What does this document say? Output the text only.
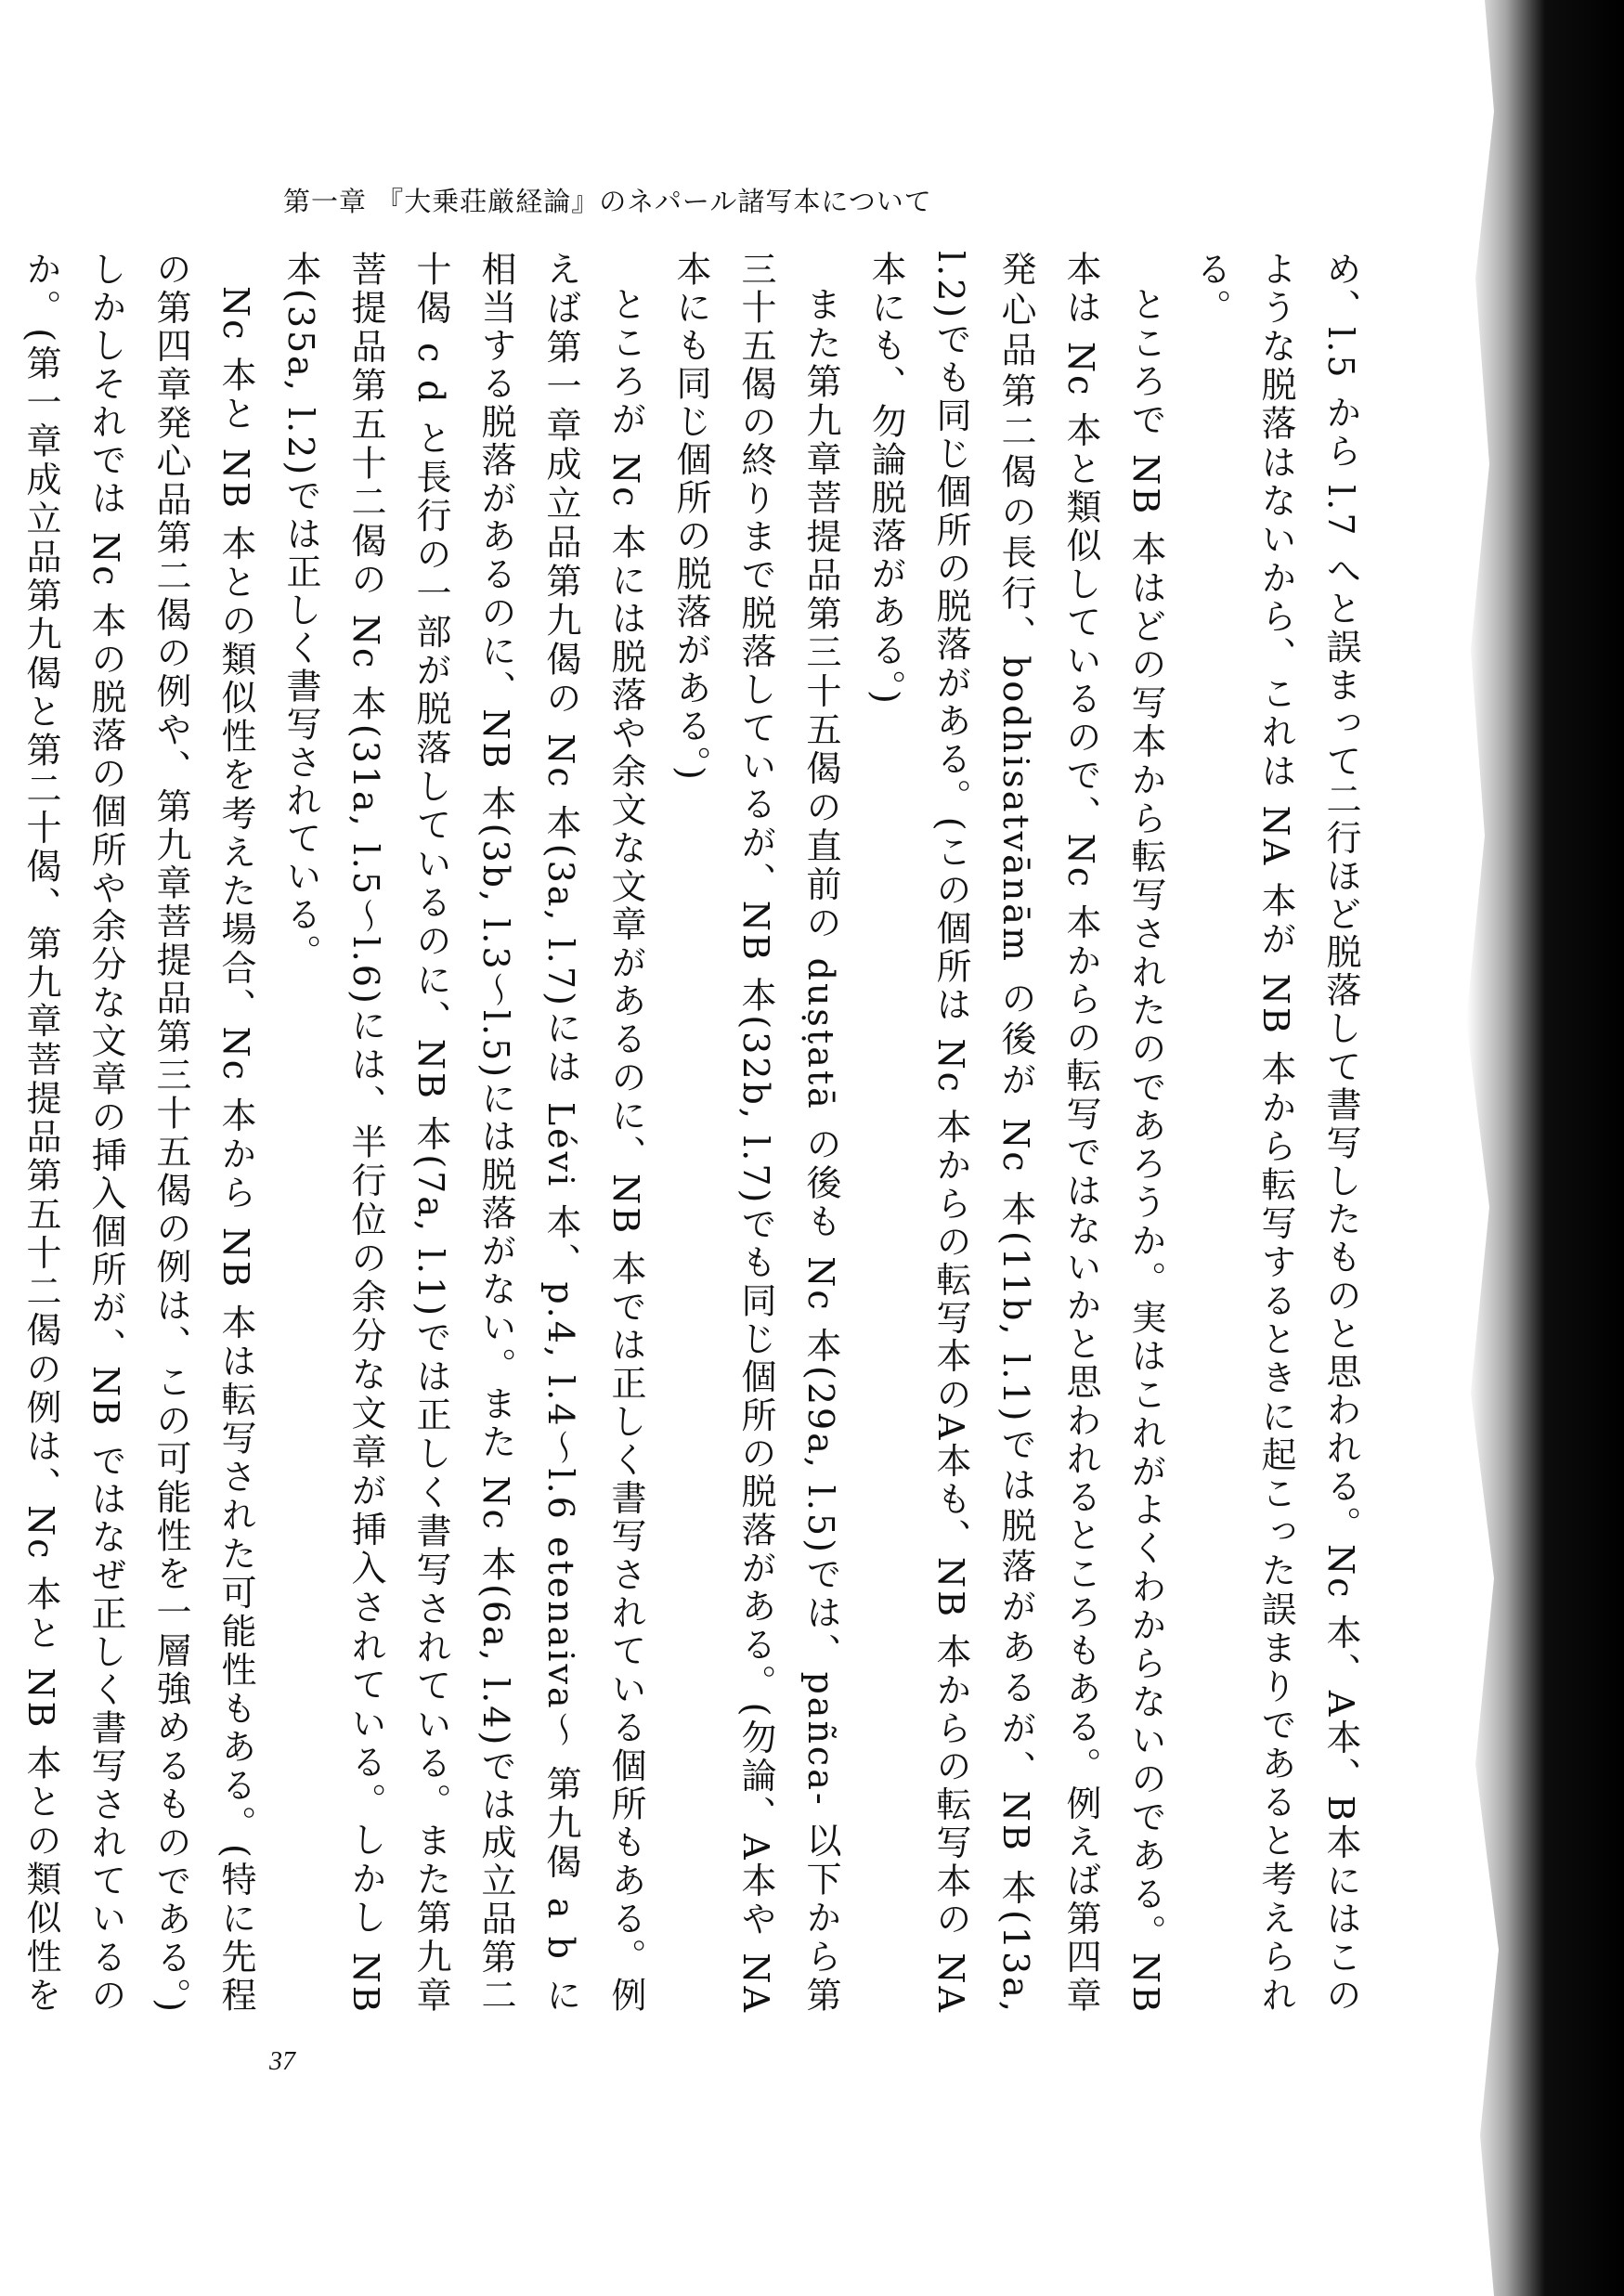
第一章 『大乗荘厳経論』のネパール諸写本について

め、l.5 から l.7 へと誤まって二行ほど脱落して書写したものと思われる。Nc 本、A本、B本にはこのような脱落はないから、これは NA 本が NB 本から転写するときに起こった誤まりであると考えられる。

ところで NB 本はどの写本から転写されたのであろうか。実はこれがよくわからないのである。NB 本は Nc 本と類似しているので、Nc 本からの転写ではないかと思われるところもある。例えば第四章発心品第二偈の長行、bodhisatvānām の後が Nc 本(11b, l.1)では脱落があるが、NB 本(13a, l.2)でも同じ個所の脱落がある。(この個所は Nc 本からの転写本のA本も、NB 本からの転写本の NA 本にも、勿論脱落がある。)

また第九章菩提品第三十五偈の直前の duṣṭatā の後も Nc 本(29a, l.5)では、pañca- 以下から第三十五偈の終りまで脱落しているが、NB 本(32b, l.7)でも同じ個所の脱落がある。(勿論、A本や NA 本にも同じ個所の脱落がある。)

ところが Nc 本には脱落や余文な文章があるのに、NB 本では正しく書写されている個所もある。例えば第一章成立品第九偈の Nc 本(3a, l.7)には Lévi 本、p.4, l.4〜l.6 etenaiva〜 第九偈 a b に相当する脱落があるのに、NB 本(3b, l.3〜l.5)には脱落がない。また Nc 本(6a, l.4)では成立品第二十偈 c d と長行の一部が脱落しているのに、NB 本(7a, l.1)では正しく書写されている。また第九章菩提品第五十二偈の Nc 本(31a, l.5〜l.6)には、半行位の余分な文章が挿入されている。しかし NB 本(35a, l.2)では正しく書写されている。

Nc 本と NB 本との類似性を考えた場合、Nc 本から NB 本は転写された可能性もある。(特に先程の第四章発心品第二偈の例や、第九章菩提品第三十五偈の例は、この可能性を一層強めるものである。)しかしそれでは Nc 本の脱落の個所や余分な文章の挿入個所が、NB ではなぜ正しく書写されているのか。(第一章成立品第九偈と第二十偈、第九章菩提品第五十二偈の例は、Nc 本と NB 本との類似性を

37
